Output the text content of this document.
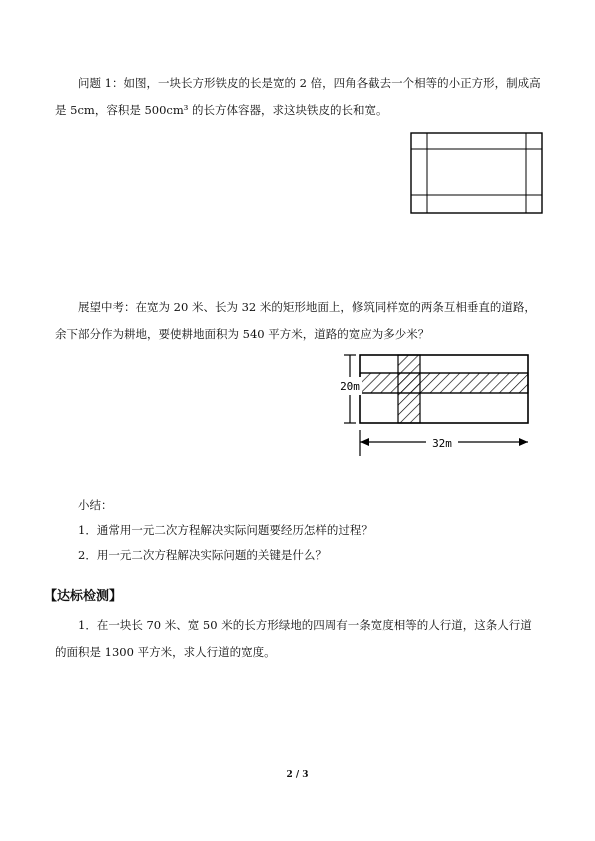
问题 1：如图，一块长方形铁皮的长是宽的 2 倍，四角各截去一个相等的小正方形，制成高是 5cm，容积是 500cm³ 的长方体容器，求这块铁皮的长和宽。
展望中考：在宽为 20 米、长为 32 米的矩形地面上，修筑同样宽的两条互相垂直的道路，余下部分作为耕地，要使耕地面积为 540 平方米，道路的宽应为多少米？
20m
32m
小结：
1．通常用一元二次方程解决实际问题要经历怎样的过程？
2．用一元二次方程解决实际问题的关键是什么？
【达标检测】
1．在一块长 70 米、宽 50 米的长方形绿地的四周有一条宽度相等的人行道，这条人行道的面积是 1300 平方米，求人行道的宽度。
2 / 3
